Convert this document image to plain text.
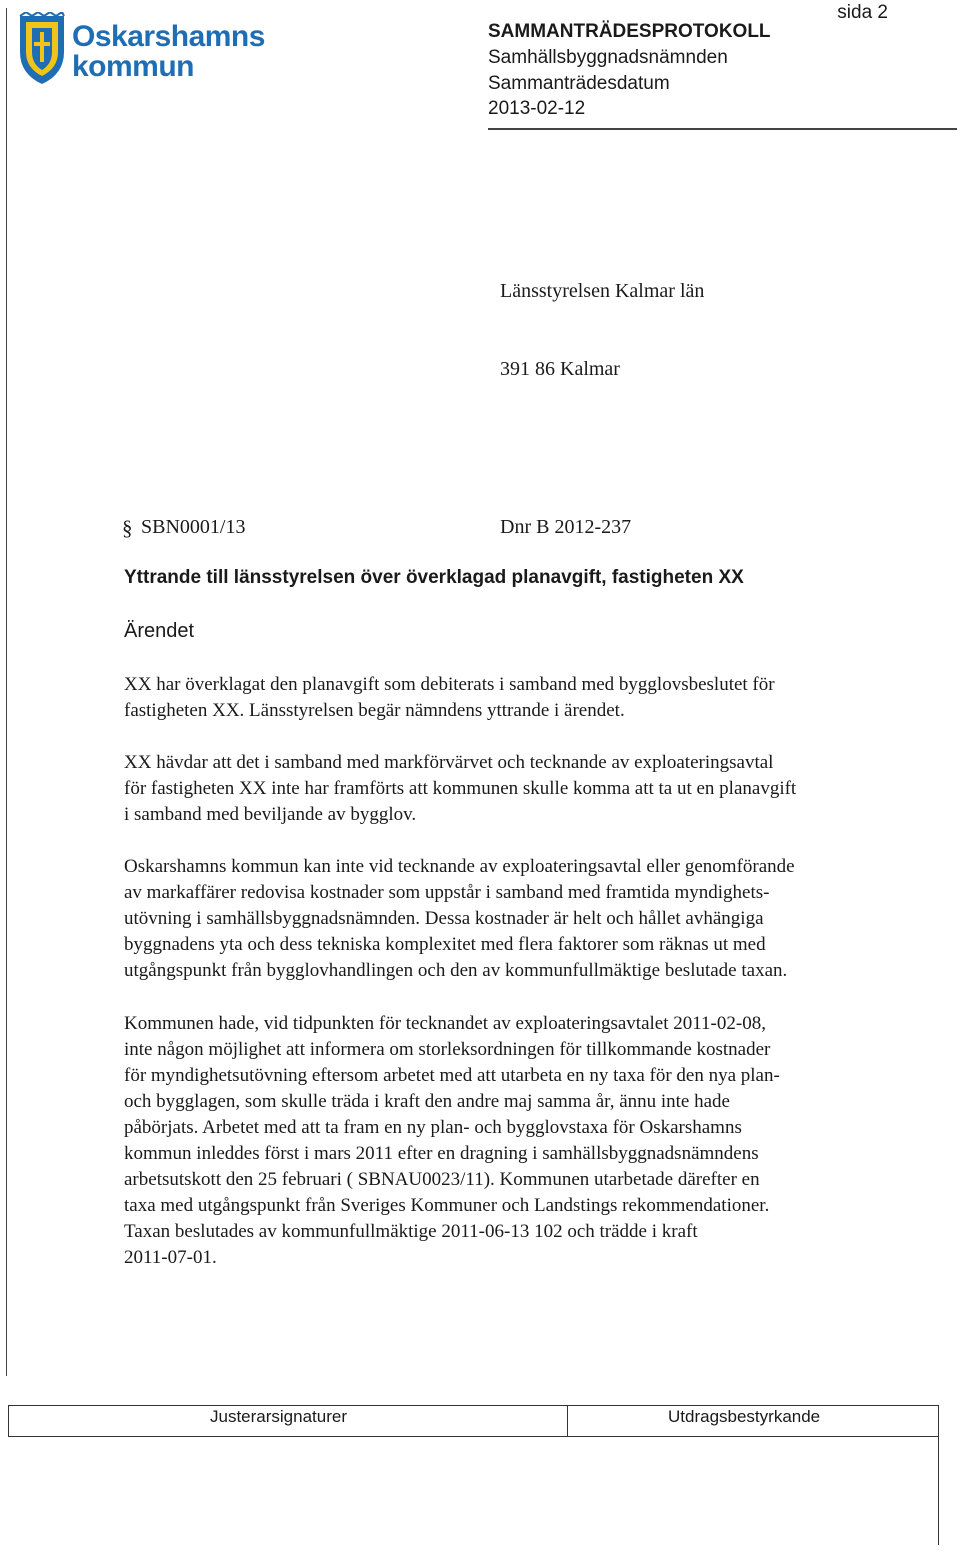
Oskarshamns
kommun
sida 2
SAMMANTRÄDESPROTOKOLL
Samhällsbyggnadsnämnden
Sammanträdesdatum
2013-02-12
Länsstyrelsen Kalmar län
391 86 Kalmar
§ SBN0001/13	Dnr B 2012-237
Yttrande till länsstyrelsen över överklagad planavgift, fastigheten XX
Ärendet
XX har överklagat den planavgift som debiterats i samband med bygglovsbeslutet för
fastigheten XX. Länsstyrelsen begär nämndens yttrande i ärendet.
XX hävdar att det i samband med markförvärvet och tecknande av exploateringsavtal
för fastigheten XX inte har framförts att kommunen skulle komma att ta ut en planavgift
i samband med beviljande av bygglov.
Oskarshamns kommun kan inte vid tecknande av exploateringsavtal eller genomförande
av markaffärer redovisa kostnader som uppstår i samband med framtida myndighets-
utövning i samhällsbyggnadsnämnden. Dessa kostnader är helt och hållet avhängiga
byggnadens yta och dess tekniska komplexitet med flera faktorer som räknas ut med
utgångspunkt från bygglovhandlingen och den av kommunfullmäktige beslutade taxan.
Kommunen hade, vid tidpunkten för tecknandet av exploateringsavtalet 2011-02-08,
inte någon möjlighet att informera om storleksordningen för tillkommande kostnader
för myndighetsutövning eftersom arbetet med att utarbeta en ny taxa för den nya plan-
och bygglagen, som skulle träda i kraft den andre maj samma år, ännu inte hade
påbörjats. Arbetet med att ta fram en ny plan- och bygglovstaxa för Oskarshamns
kommun inleddes först i mars 2011 efter en dragning i samhällsbyggnadsnämndens
arbetsutskott den 25 februari ( SBNAU0023/11). Kommunen utarbetade därefter en
taxa med utgångspunkt från Sveriges Kommuner och Landstings rekommendationer.
Taxan beslutades av kommunfullmäktige 2011-06-13 102 och trädde i kraft
2011-07-01.
Justerarsignaturer	Utdragsbestyrkande
